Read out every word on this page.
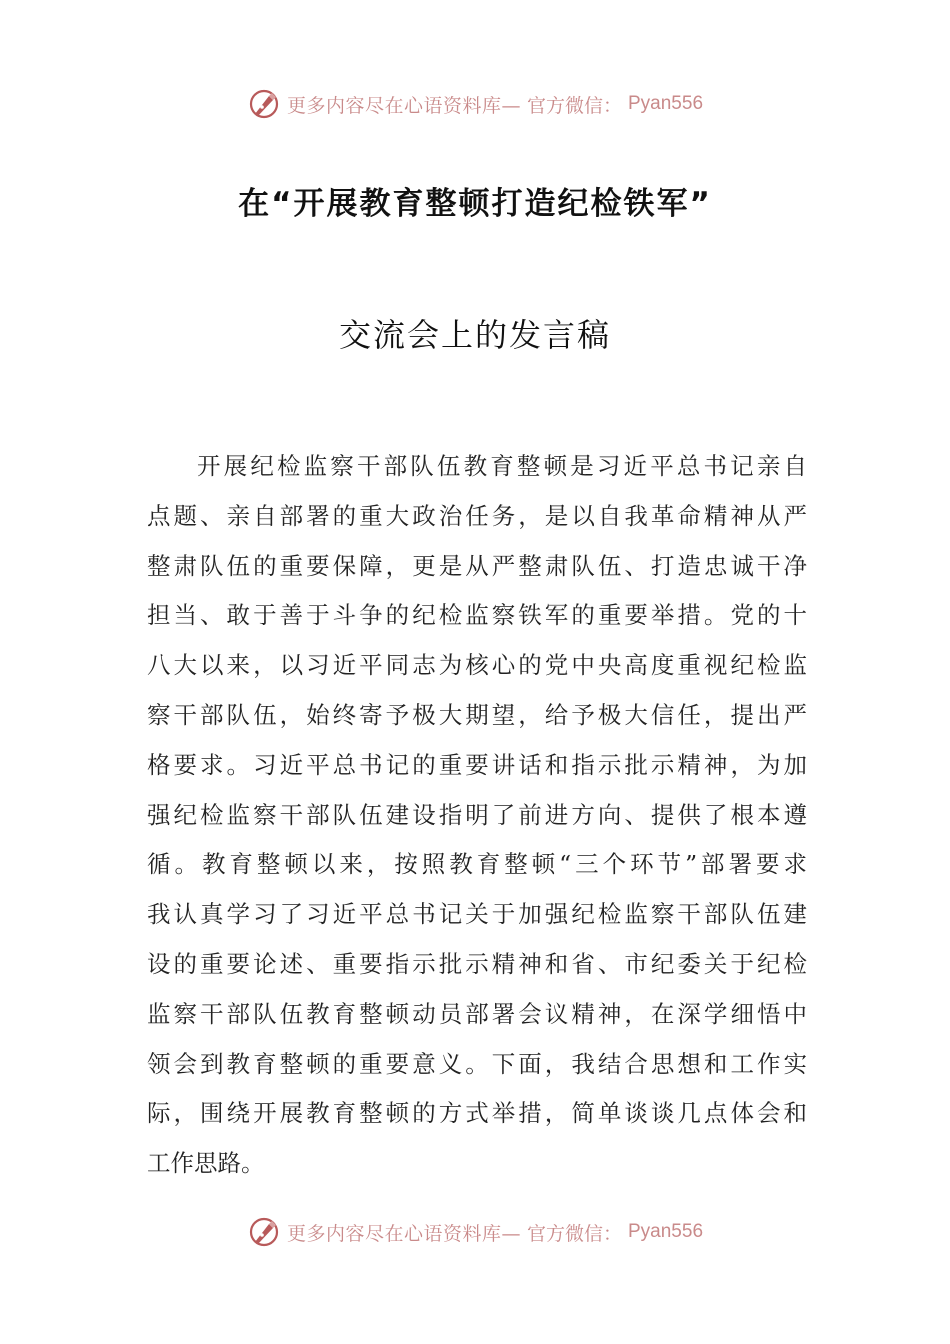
更多内容尽在心语资料库— 官方微信： Pyan556
在“开展教育整顿打造纪检铁军”
交流会上的发言稿
开展纪检监察干部队伍教育整顿是习近平总书记亲自
点题、亲自部署的重大政治任务，是以自我革命精神从严
整肃队伍的重要保障，更是从严整肃队伍、打造忠诚干净
担当、敢于善于斗争的纪检监察铁军的重要举措。党的十
八大以来，以习近平同志为核心的党中央高度重视纪检监
察干部队伍，始终寄予极大期望，给予极大信任，提出严
格要求。习近平总书记的重要讲话和指示批示精神，为加
强纪检监察干部队伍建设指明了前进方向、提供了根本遵
循。教育整顿以来，按照教育整顿“三个环节”部署要求
我认真学习了习近平总书记关于加强纪检监察干部队伍建
设的重要论述、重要指示批示精神和省、市纪委关于纪检
监察干部队伍教育整顿动员部署会议精神，在深学细悟中
领会到教育整顿的重要意义。下面，我结合思想和工作实
际，围绕开展教育整顿的方式举措，简单谈谈几点体会和
工作思路。
更多内容尽在心语资料库— 官方微信： Pyan556
